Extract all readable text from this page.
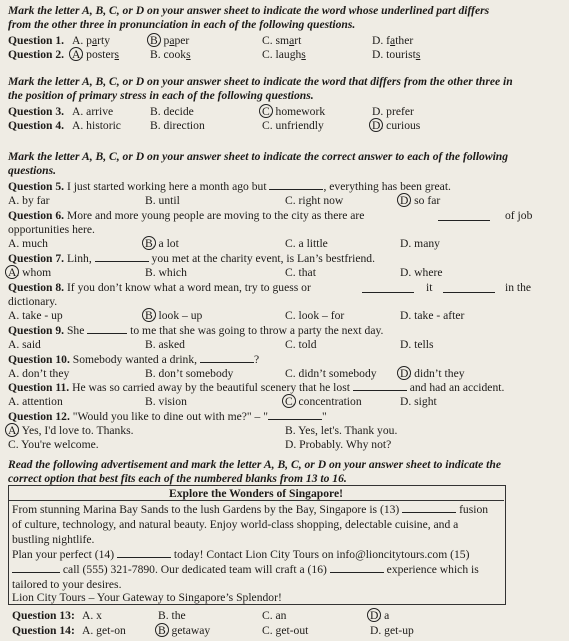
Mark the letter A, B, C, or D on your answer sheet to indicate the word whose underlined part differs
from the other three in pronunciation in each of the following questions.
Question 1. A. party	B. paper	C. smart	D. father
Question 2. A. posters	B. cooks	C. laughs	D. tourists
Mark the letter A, B, C, or D on your answer sheet to indicate the word that differs from the other three in
the position of primary stress in each of the following questions.
Question 3. A. arrive	B. decide	C. homework	D. prefer
Question 4. A. historic	B. direction	C. unfriendly	D. curious
Mark the letter A, B, C, or D on your answer sheet to indicate the correct answer to each of the following
questions.
Question 5. I just started working here a month ago but	, everything has been great.
A. by far	B. until	C. right now	D. so far
Question 6. More and more young people are moving to the city as there are	of job
opportunities here.
A. much	B. a lot	C. a little	D. many
Question 7. Linh,	you met at the charity event, is Lan’s bestfriend.
A. whom	B. which	C. that	D. where
Question 8. If you don’t know what a word mean, try to guess or	it	in the
dictionary.
A. take - up	B. look – up	C. look – for	D. take - after
Question 9. She	to me that she was going to throw a party the next day.
A. said	B. asked	C. told	D. tells
Question 10. Somebody wanted a drink,	?
A. don’t they	B. don’t somebody	C. didn’t somebody D. didn’t they
Question 11. He was so carried away by the beautiful scenery that he lost	and had an accident.
A. attention	B. vision	C. concentration	D. sight
Question 12. "Would you like to dine out with me?" – "	"
A. Yes, I'd love to. Thanks.	B. Yes, let's. Thank you.
C. You're welcome.	D. Probably. Why not?
Read the following advertisement and mark the letter A, B, C, or D on your answer sheet to indicate the
correct option that best fits each of the numbered blanks from 13 to 16.
Explore the Wonders of Singapore!
From stunning Marina Bay Sands to the lush Gardens by the Bay, Singapore is (13)	fusion
of culture, technology, and natural beauty. Enjoy world-class shopping, delectable cuisine, and a
bustling nightlife.
Plan your perfect (14)	today! Contact Lion City Tours on info@lioncitytours.com (15)
call (555) 321-7890. Our dedicated team will craft a (16)	experience which is
tailored to your desires.
Lion City Tours – Your Gateway to Singapore’s Splendor!
Question 13: A. x	B. the	C. an	D. a
Question 14: A. get-on	B. getaway	C. get-out	D. get-up
